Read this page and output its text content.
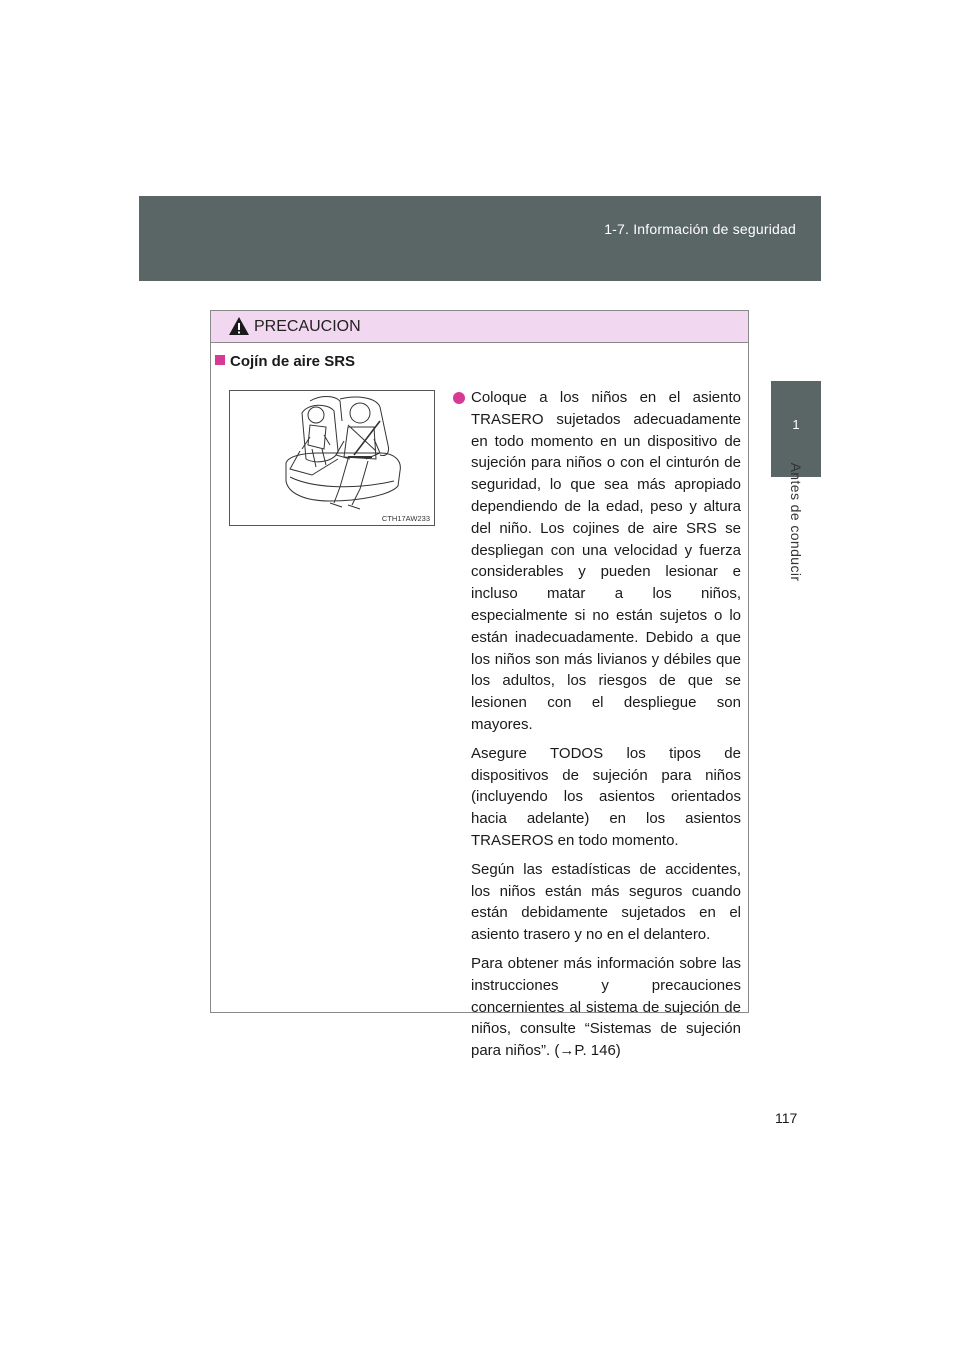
1-7. Información de seguridad
1
Antes de conducir
PRECAUCION
Cojín de aire SRS
CTH17AW233

Coloque a los niños en el asiento TRASERO sujetados adecuadamente en todo momento en un dispositivo de sujeción para niños o con el cinturón de seguridad, lo que sea más apropiado dependiendo de la edad, peso y altura del niño. Los cojines de aire SRS se despliegan con una velocidad y fuerza considerables y pueden lesionar e incluso matar a los niños, especialmente si no están sujetos o lo están inadecuadamente. Debido a que los niños son más livianos y débiles que los adultos, los riesgos de que se lesionen con el despliegue son mayores.

Asegure TODOS los tipos de dispositivos de sujeción para niños (incluyendo los asientos orientados hacia adelante) en los asientos TRASEROS en todo momento.

Según las estadísticas de accidentes, los niños están más seguros cuando están debidamente sujetados en el asiento trasero y no en el delantero.

Para obtener más información sobre las instrucciones y precauciones concernientes al sistema de sujeción de niños, consulte “Sistemas de sujeción para niños”. (→P. 146)

117
